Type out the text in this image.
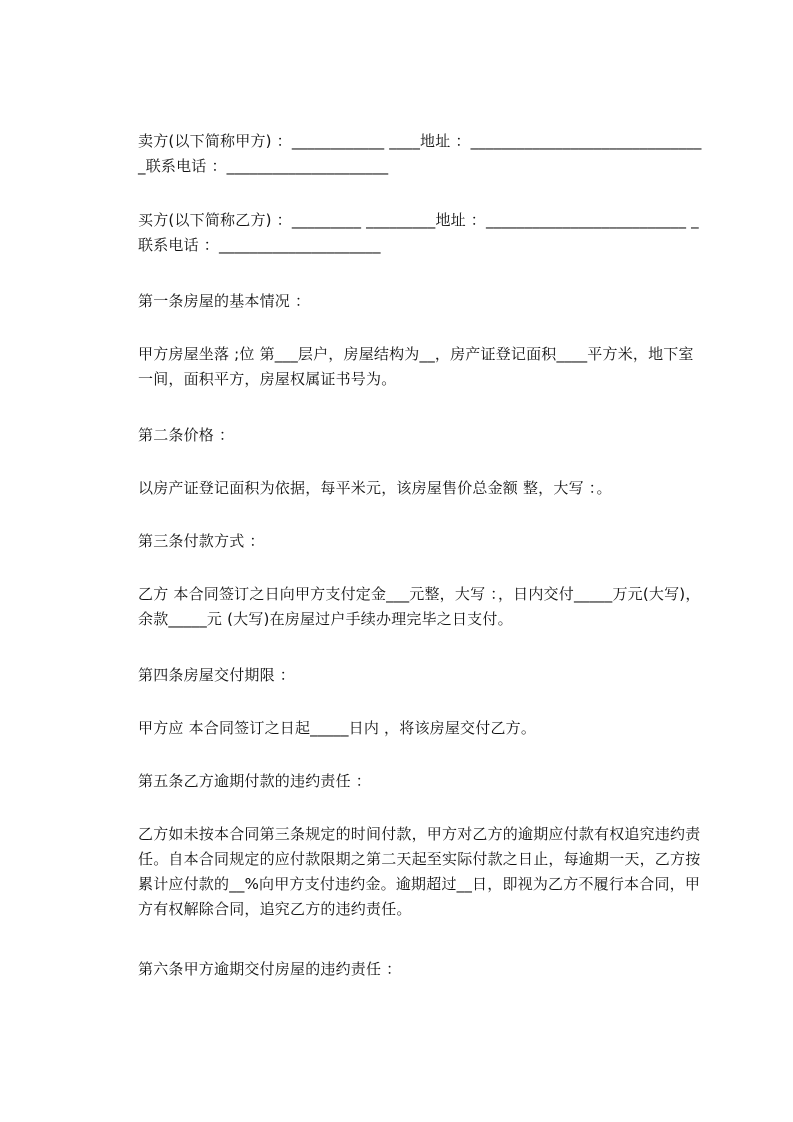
卖方(以下简称甲方) ：____________ ____地址 ：______________________________ _联系电话 ：_____________________

买方(以下简称乙方) ：_________ _________地址 ：__________________________ _联系电话 ：_____________________

第一条房屋的基本情况 ：

甲方房屋坐落 ;位 第___层户，房屋结构为__，房产证登记面积____平方米，地下室一间，面积平方，房屋权属证书号为。

第二条价格 ：

以房产证登记面积为依据，每平米元，该房屋售价总金额 整，大写 ：。

第三条付款方式 ：

乙方 本合同签订之日向甲方支付定金___元整，大写 ：，日内交付_____万元(大写)，余款_____元 (大写)在房屋过户手续办理完毕之日支付。

第四条房屋交付期限 ：

甲方应 本合同签订之日起_____日内 ，将该房屋交付乙方。

第五条乙方逾期付款的违约责任 ：

乙方如未按本合同第三条规定的时间付款，甲方对乙方的逾期应付款有权追究违约责任。自本合同规定的应付款限期之第二天起至实际付款之日止，每逾期一天，乙方按累计应付款的__%向甲方支付违约金。逾期超过__日，即视为乙方不履行本合同，甲方有权解除合同，追究乙方的违约责任。

第六条甲方逾期交付房屋的违约责任 ：
